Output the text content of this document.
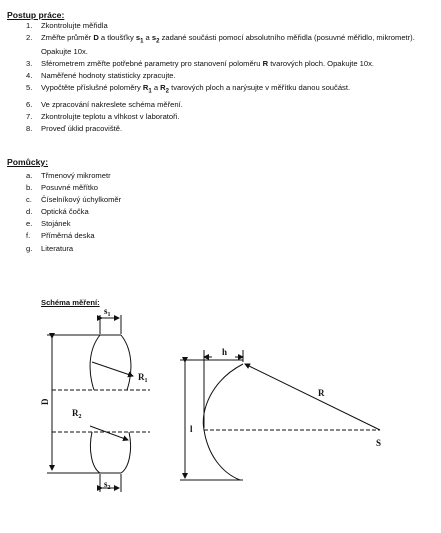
Postup práce:
1. Zkontrolujte měřidla
2. Změřte průměr D a tloušťky $s_1$ a $s_2$ zadané součásti pomocí absolutního měřidla (posuvné měřidlo, mikrometr). Opakujte 10x.
3. Sférometrem změřte potřebné parametry pro stanovení poloměru R tvarových ploch. Opakujte 10x.
4. Naměřené hodnoty statisticky zpracujte.
5. Vypočtěte příslušné poloměry $R_1$ a $R_2$ tvarových ploch a narýsujte v měřítku danou součást.
6. Ve zpracování nakreslete schéma měření.
7. Zkontrolujte teplotu a vlhkost v laboratoři.
8. Proveď úklid pracoviště.
Pomůcky:
a. Třmenový mikrometr
b. Posuvné měřítko
c. Číselníkový úchylkoměr
d. Optická čočka
e. Stojánek
f. Příměrná deska
g. Literatura
Schéma měření:
$s_1$
$R_1$
D
$R_2$
$s_2$
h
R
l
S
